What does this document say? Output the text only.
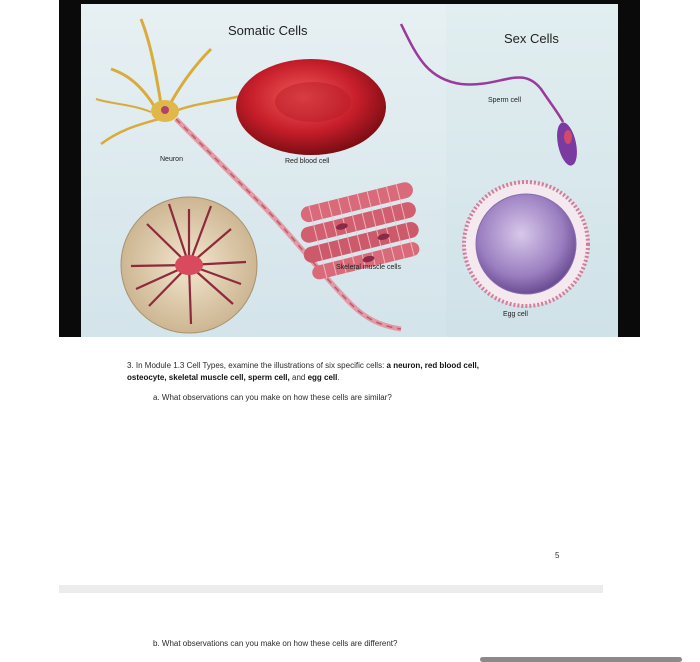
Somatic Cells
Sex Cells
Neuron	Red blood cell
Sperm cell
Skeletal muscle cells
Egg cell
3. In Module 1.3 Cell Types, examine the illustrations of six specific cells: a neuron, red blood cell,
osteocyte, skeletal muscle cell, sperm cell, and egg cell.
a. What observations can you make on how these cells are similar?
5
b. What observations can you make on how these cells are different?
